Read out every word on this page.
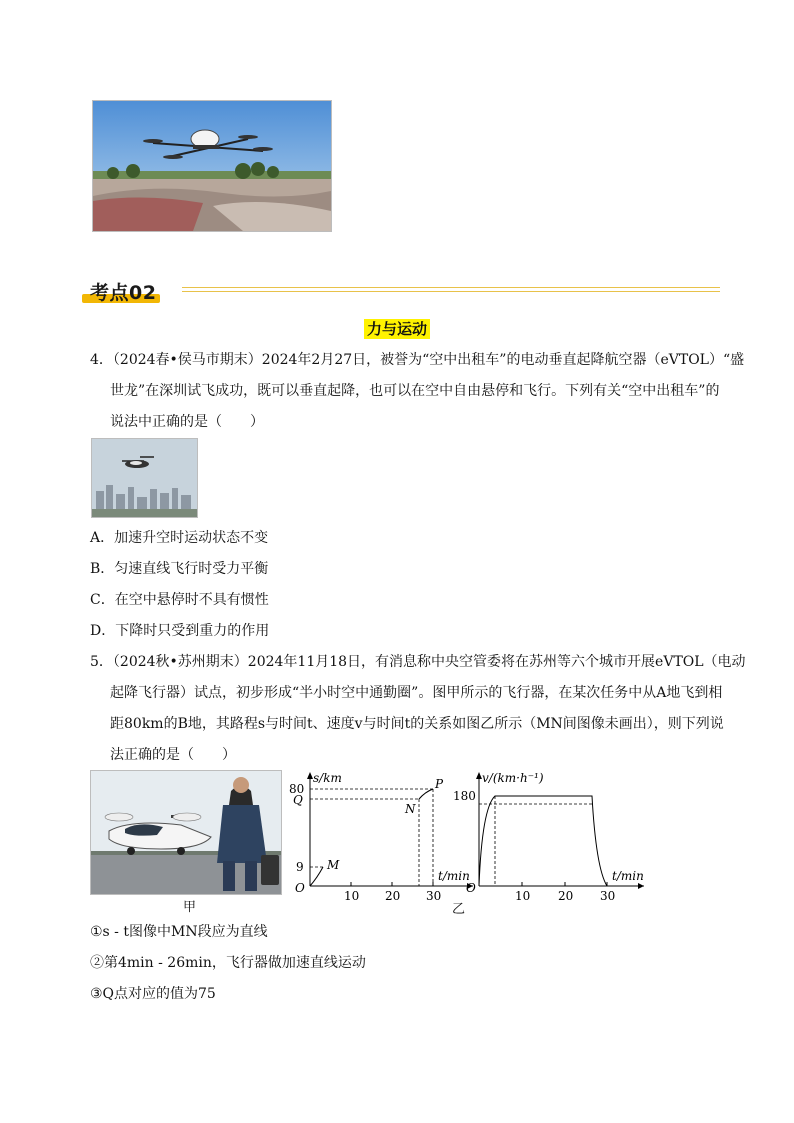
考点02
力与运动
4．（2024春•侯马市期末）2024年2月27日，被誉为“空中出租车”的电动垂直起降航空器（eVTOL）“盛
世龙”在深圳试飞成功，既可以垂直起降，也可以在空中自由悬停和飞行。下列有关“空中出租车”的
说法中正确的是（　　）
A．加速升空时运动状态不变
B．匀速直线飞行时受力平衡
C．在空中悬停时不具有惯性
D．下降时只受到重力的作用
5．（2024秋•苏州期末）2024年11月18日，有消息称中央空管委将在苏州等六个城市开展eVTOL（电动
起降飞行器）试点，初步形成“半小时空中通勤圈”。图甲所示的飞行器，在某次任务中从A地飞到相
距80km的B地，其路程s与时间t、速度v与时间t的关系如图乙所示（MN间图像未画出），则下列说
法正确的是（　　）
甲
s/km
t/min
O
80
Q
9
10 20 30
P
N
M
v/(km·h⁻¹)
t/min
O
180
10 20 30
乙
①s - t图像中MN段应为直线
②第4min - 26min，飞行器做加速直线运动
③Q点对应的值为75
